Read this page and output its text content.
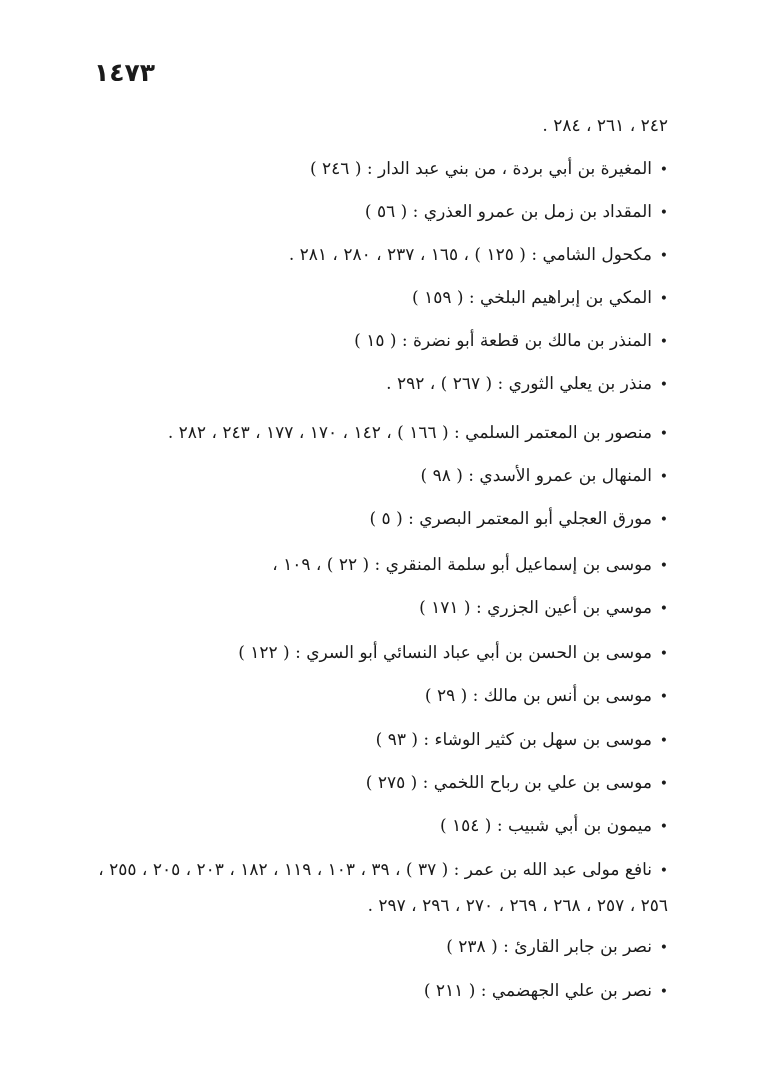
١٤٧٣
٢٤٢ ، ٢٦١ ، ٢٨٤ .
• المغيرة بن أبي بردة ، من بني عبد الدار : ( ٢٤٦ )
• المقداد بن زمل بن عمرو العذري : ( ٥٦ )
• مكحول الشامي : ( ١٢٥ ) ، ١٦٥ ، ٢٣٧ ، ٢٨٠ ، ٢٨١ .
• المكي بن إبراهيم البلخي : ( ١٥٩ )
• المنذر بن مالك بن قطعة أبو نضرة : ( ١٥ )
• منذر بن يعلي الثوري : ( ٢٦٧ ) ، ٢٩٢ .
• منصور بن المعتمر السلمي : ( ١٦٦ ) ، ١٤٢ ، ١٧٠ ، ١٧٧ ، ٢٤٣ ، ٢٨٢ .
• المنهال بن عمرو الأسدي : ( ٩٨ )
• مورق العجلي أبو المعتمر البصري : ( ٥ )
• موسى بن إسماعيل أبو سلمة المنقري : ( ٢٢ ) ، ١٠٩ ،
• موسي بن أعين الجزري : ( ١٧١ )
• موسى بن الحسن بن أبي عباد النسائي أبو السري : ( ١٢٢ )
• موسى بن أنس بن مالك : ( ٢٩ )
• موسى بن سهل بن كثير الوشاء : ( ٩٣ )
• موسى بن علي بن رباح اللخمي : ( ٢٧٥ )
• ميمون بن أبي شبيب : ( ١٥٤ )
• نافع مولى عبد الله بن عمر : ( ٣٧ ) ، ٣٩ ، ١٠٣ ، ١١٩ ، ١٨٢ ، ٢٠٣ ، ٢٠٥ ، ٢٥٥ ،
٢٥٦ ، ٢٥٧ ، ٢٦٨ ، ٢٦٩ ، ٢٧٠ ، ٢٩٦ ، ٢٩٧ .
• نصر بن جابر القارئ : ( ٢٣٨ )
• نصر بن علي الجهضمي : ( ٢١١ )
